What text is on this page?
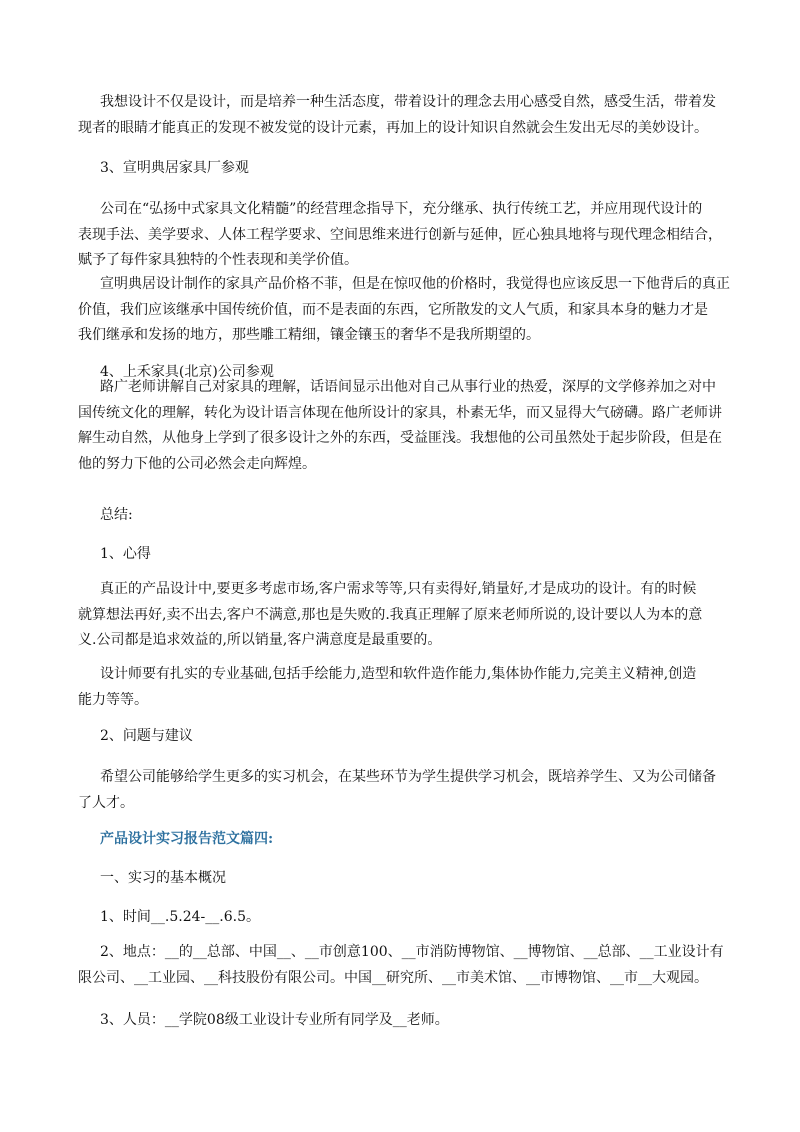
我想设计不仅是设计，而是培养一种生活态度，带着设计的理念去用心感受自然，感受生活，带着发
现者的眼睛才能真正的发现不被发觉的设计元素，再加上的设计知识自然就会生发出无尽的美妙设计。

3、宣明典居家具厂参观

公司在“弘扬中式家具文化精髓”的经营理念指导下，充分继承、执行传统工艺，并应用现代设计的
表现手法、美学要求、人体工程学要求、空间思维来进行创新与延伸，匠心独具地将与现代理念相结合，
赋予了每件家具独特的个性表现和美学价值。
宣明典居设计制作的家具产品价格不菲，但是在惊叹他的价格时，我觉得也应该反思一下他背后的真正
价值，我们应该继承中国传统价值，而不是表面的东西，它所散发的文人气质，和家具本身的魅力才是
我们继承和发扬的地方，那些雕工精细，镶金镶玉的奢华不是我所期望的。

4、上禾家具(北京)公司参观

路广老师讲解自己对家具的理解，话语间显示出他对自己从事行业的热爱，深厚的文学修养加之对中
国传统文化的理解，转化为设计语言体现在他所设计的家具，朴素无华，而又显得大气磅礴。路广老师讲
解生动自然，从他身上学到了很多设计之外的东西，受益匪浅。我想他的公司虽然处于起步阶段，但是在
他的努力下他的公司必然会走向辉煌。

总结:

1、心得

真正的产品设计中,要更多考虑市场,客户需求等等,只有卖得好,销量好,才是成功的设计。有的时候
就算想法再好,卖不出去,客户不满意,那也是失败的.我真正理解了原来老师所说的,设计要以人为本的意
义.公司都是追求效益的,所以销量,客户满意度是最重要的。
设计师要有扎实的专业基础,包括手绘能力,造型和软件造作能力,集体协作能力,完美主义精神,创造
能力等等。

2、问题与建议

希望公司能够给学生更多的实习机会，在某些环节为学生提供学习机会，既培养学生、又为公司储备
了人才。

产品设计实习报告范文篇四:

一、实习的基本概况

1、时间__.5.24-__.6.5。

2、地点：__的__总部、中国__、__市创意100、__市消防博物馆、__博物馆、__总部、__工业设计有
限公司、__工业园、__科技股份有限公司。中国__研究所、__市美术馆、__市博物馆、__市__大观园。

3、人员：__学院08级工业设计专业所有同学及__老师。
